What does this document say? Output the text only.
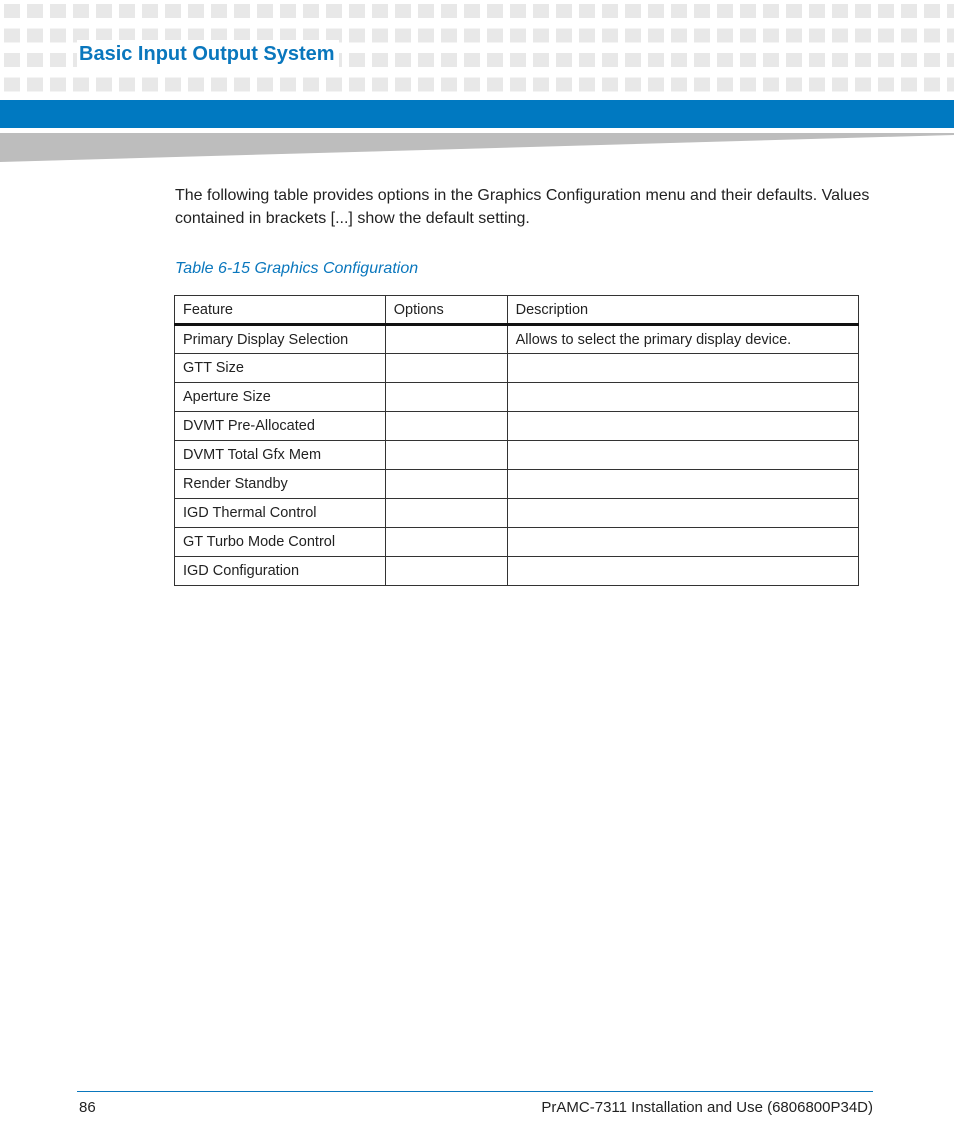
Basic Input Output System

The following table provides options in the Graphics Configuration menu and their defaults. Values contained in brackets [...] show the default setting.

Table 6-15 Graphics Configuration

Feature	Options	Description
Primary Display Selection		Allows to select the primary display device.
GTT Size		
Aperture Size		
DVMT Pre-Allocated		
DVMT Total Gfx Mem		
Render Standby		
IGD Thermal Control		
GT Turbo Mode Control		
IGD Configuration		
86	PrAMC-7311 Installation and Use (6806800P34D)
